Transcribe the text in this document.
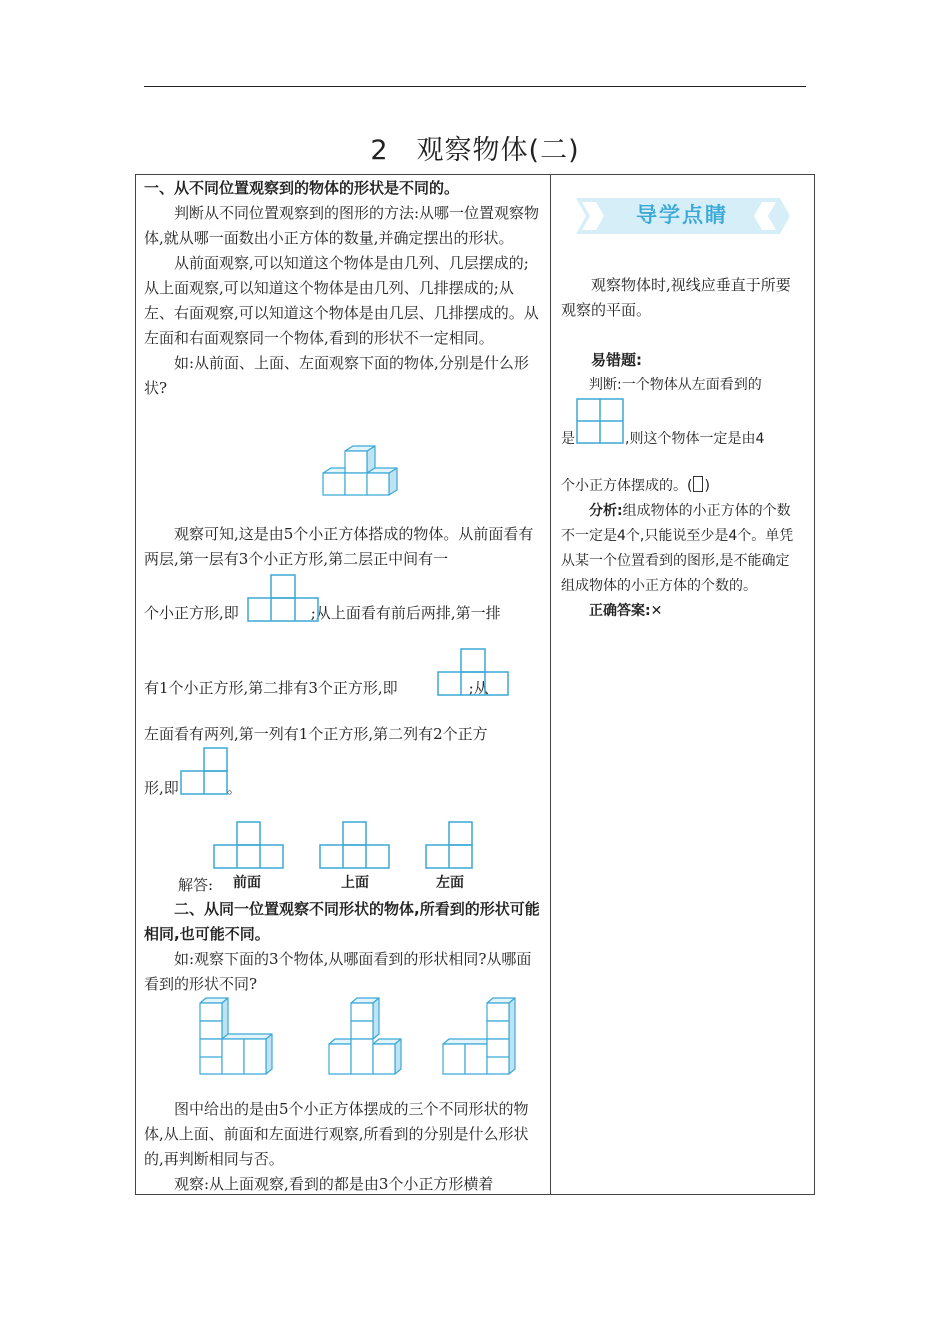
2　观察物体(二)

一、从不同位置观察到的物体的形状是不同的。

判断从不同位置观察到的图形的方法:从哪一位置观察物体,就从哪一面数出小正方体的数量,并确定摆出的形状。

从前面观察,可以知道这个物体是由几列、几层摆成的;从上面观察,可以知道这个物体是由几列、几排摆成的;从左、右面观察,可以知道这个物体是由几层、几排摆成的。从左面和右面观察同一个物体,看到的形状不一定相同。

如:从前面、上面、左面观察下面的物体,分别是什么形状?

观察可知,这是由5个小正方体搭成的物体。从前面看有两层,第一层有3个小正方形,第二层正中间有一

个小正方形,即	;从上面看有前后两排,第一排
有1个小正方形,第二排有3个正方形,即	;从

左面看有两列,第一列有1个正方形,第二列有2个正方

形,即	。
解答:	前面	上面	左面

二、从同一位置观察不同形状的物体,所看到的形状可能相同,也可能不同。

如:观察下面的3个物体,从哪面看到的形状相同?从哪面看到的形状不同?

图中给出的是由5个小正方体摆成的三个不同形状的物体,从上面、前面和左面进行观察,所看到的分别是什么形状的,再判断相同与否。

观察:从上面观察,看到的都是由3个小正方形横着

导学点睛

观察物体时,视线应垂直于所要观察的平面。

易错题:

判断:一个物体从左面看到的

是	,则这个物体一定是由4
个小正方体摆成的。( )

分析:组成物体的小正方体的个数不一定是4个,只能说至少是4个。单凭从某一个位置看到的图形,是不能确定组成物体的小正方体的个数的。

正确答案:✕
